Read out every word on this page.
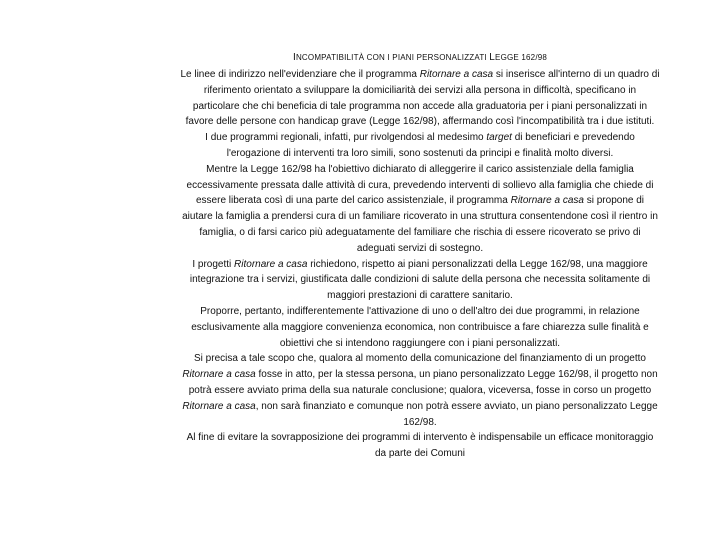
INCOMPATIBILITÀ CON I PIANI PERSONALIZZATI LEGGE 162/98

Le linee di indirizzo nell'evidenziare che il programma Ritornare a casa si inserisce all'interno di un quadro di riferimento orientato a sviluppare la domiciliarità dei servizi alla persona in difficoltà, specificano in particolare che chi beneficia di tale programma non accede alla graduatoria per i piani personalizzati in favore delle persone con handicap grave (Legge 162/98), affermando così l'incompatibilità tra i due istituti.

I due programmi regionali, infatti, pur rivolgendosi al medesimo target di beneficiari e prevedendo l'erogazione di interventi tra loro simili, sono sostenuti da principi e finalità molto diversi.

Mentre la Legge 162/98 ha l'obiettivo dichiarato di alleggerire il carico assistenziale della famiglia eccessivamente pressata dalle attività di cura, prevedendo interventi di sollievo alla famiglia che chiede di essere liberata così di una parte del carico assistenziale, il programma Ritornare a casa si propone di aiutare la famiglia a prendersi cura di un familiare ricoverato in una struttura consentendone così il rientro in famiglia, o di farsi carico più adeguatamente del familiare che rischia di essere ricoverato se privo di adeguati servizi di sostegno.

I progetti Ritornare a casa richiedono, rispetto ai piani personalizzati della Legge 162/98, una maggiore integrazione tra i servizi, giustificata dalle condizioni di salute della persona che necessita solitamente di maggiori prestazioni di carattere sanitario.

Proporre, pertanto, indifferentemente l'attivazione di uno o dell'altro dei due programmi, in relazione esclusivamente alla maggiore convenienza economica, non contribuisce a fare chiarezza sulle finalità e obiettivi che si intendono raggiungere con i piani personalizzati.

Si precisa a tale scopo che, qualora al momento della comunicazione del finanziamento di un progetto Ritornare a casa fosse in atto, per la stessa persona, un piano personalizzato Legge 162/98, il progetto non potrà essere avviato prima della sua naturale conclusione; qualora, viceversa, fosse in corso un progetto Ritornare a casa, non sarà finanziato e comunque non potrà essere avviato, un piano personalizzato Legge 162/98.

Al fine di evitare la sovrapposizione dei programmi di intervento è indispensabile un efficace monitoraggio da parte dei Comuni
